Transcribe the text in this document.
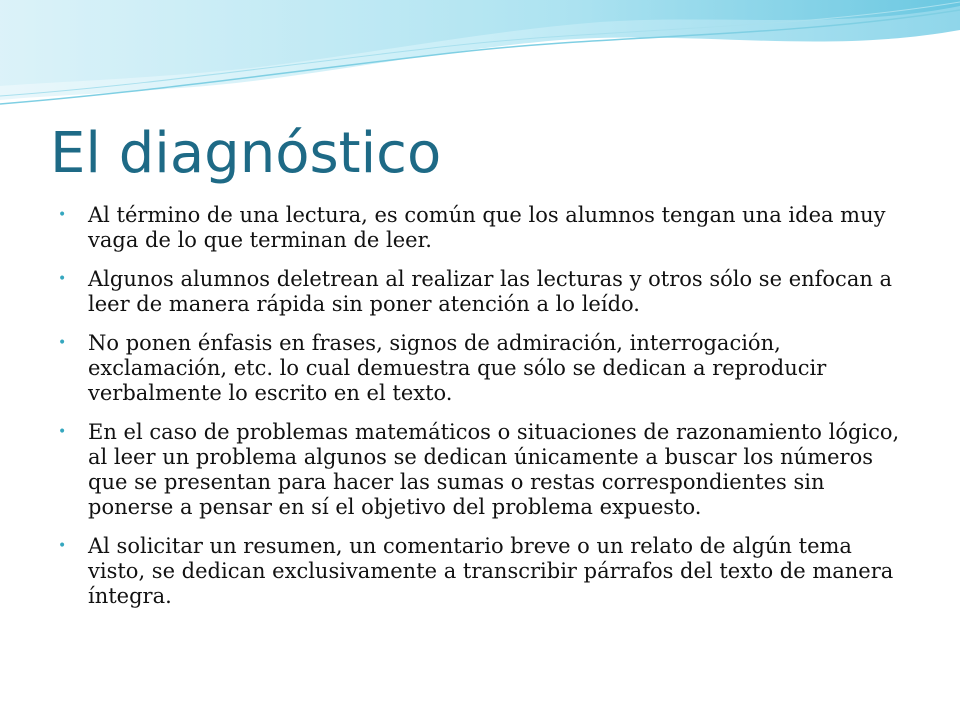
El diagnóstico
• Al término de una lectura, es común que los alumnos tengan una idea muy vaga de lo que terminan de leer.
• Algunos alumnos deletrean al realizar las lecturas y otros sólo se enfocan a leer de manera rápida sin poner atención a lo leído.
• No ponen énfasis en frases, signos de admiración, interrogación, exclamación, etc. lo cual demuestra que sólo se dedican a reproducir verbalmente lo escrito en el texto.
• En el caso de problemas matemáticos o situaciones de razonamiento lógico, al leer un problema algunos se dedican únicamente a buscar los números que se presentan para hacer las sumas o restas correspondientes sin ponerse a pensar en sí el objetivo del problema expuesto.
• Al solicitar un resumen, un comentario breve o un relato de algún tema visto, se dedican exclusivamente a transcribir párrafos del texto de manera íntegra.
